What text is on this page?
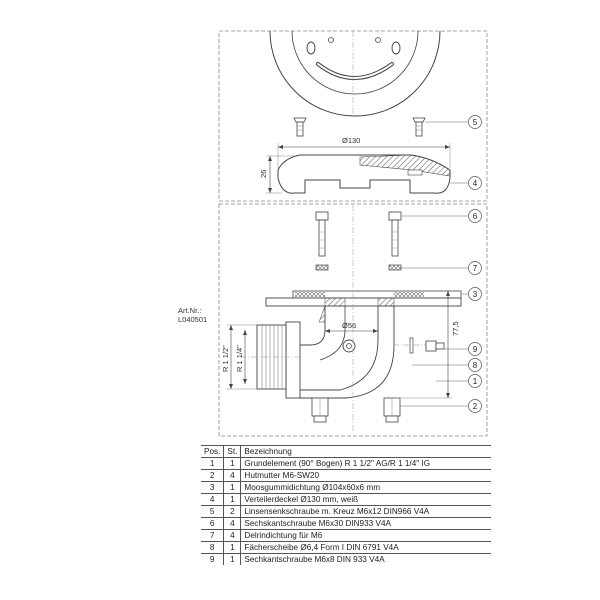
Ø130
26
Ø56	77,5
R 1 1/2" R 1 1/4"
5
4
6
7
3
9
8
1
2
Art.Nr.:
L040501
Pos.	St.	Bezeichnung
1	1	Grundelement (90° Bogen) R 1 1/2" AG/R 1 1/4" IG
2	4	Hutmutter M6-SW20
3	1	Moosgummidichtung Ø104x60x6 mm
4	1	Verteilerdeckel Ø130 mm, weiß
5	2	Linsensenkschraube m. Kreuz M6x12 DIN966 V4A
6	4	Sechskantschraube M6x30 DIN933 V4A
7	4	Delrindichtung für M6
8	1	Fächerscheibe Ø6,4 Form I DIN 6791 V4A
9	1	Sechkantschraube M6x8 DIN 933 V4A
